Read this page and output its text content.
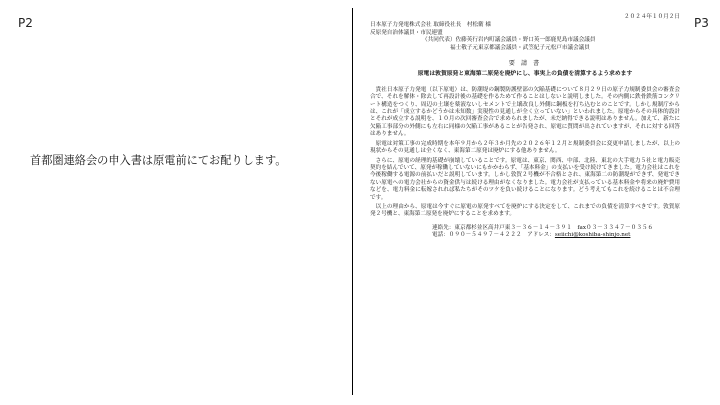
P2	P3
首都圏連絡会の申入書は原電前にてお配りします。
２０２４年１０月２日
日本原子力発電株式会社 取締役社長　村松衛 様
反原発自治体議員・市民連盟
（共同代表）佐藤英行岩内町議会議員・野口英一郎鹿児島市議会議員
福士敬子元東京都議会議員・武笠紀子元松戸市議会議員
要 請 書
原電は敦賀原発と東海第二原発を廃炉にし、事実上の負債を清算するよう求めます

貴社日本原子力発電（以下原電）は、防潮堤の鋼製防護壁部の欠陥基礎について８月２９日の原子力規制委員会の審査会合で、それを解体・除去して再設計後の基礎を作るためて作ることはしないと説明しました。その内側に鉄骨鉄筋コンクリート構造をつくり、周辺の土壌を薬液ないしセメントで土壌改良し外側に鋼板を打ち込むとのことです。しかし規制庁からは、これが「成立するかどうかは未知数」実現性の見通しが全く立っていない」といわれました。原電からその具体的設計とそれが成立する説明を、１０月の次回審査会合で求められましたが、未だ納得できる説明はありません。加えて、新たに欠陥工事部分の外側にも左右に同様の欠陥工事があることが告発され、原電に質問が出されていますが、それに対する回答はありません。

原電は対策工事の完成時期を本年９月から２年３か月先の２０２６年１２月と規制委員会に変更申請しましたが、以上の現状からその見通しは全くなく、東海第二原発は廃炉にする他ありません。

さらに、原電の経理的基礎が崩壊していることです。原電は、東京、関西、中部、北陸、東北の大手電力５社と電力販売契約を結んでいて、原発が稼働していないにもかかわらず、「基本料金」の支払いを受け続けてきました。電力会社はこれを今後稼働する電源の前払いだと説明しています。しかし敦賀２号機が不合格とされ、東海第二の防潮堤ができず、発電できない原電への電力会社からの資金供与は続ける理由がなくなりました。電力会社が支払っている基本料金や将来の廃炉費用などを、電力料金に転嫁されれば私たちがそのツケを負い続けることになります。どう考えてもこれを続けることは不合理です。

以上の理由から、原電は今すぐに原電の原発すべてを廃炉にする決定をして、これまでの負債を清算すべきです。敦賀原発２号機と、東海第二原発を廃炉にすることを求めます。

連絡先：東京都杉並区高井戸東３－３６－１４－３９１　fax０３－３３４７－０３５６
電話：０９０－５４９７－４２２２　アドレス：seiichi@koshiba-shinjo.net
